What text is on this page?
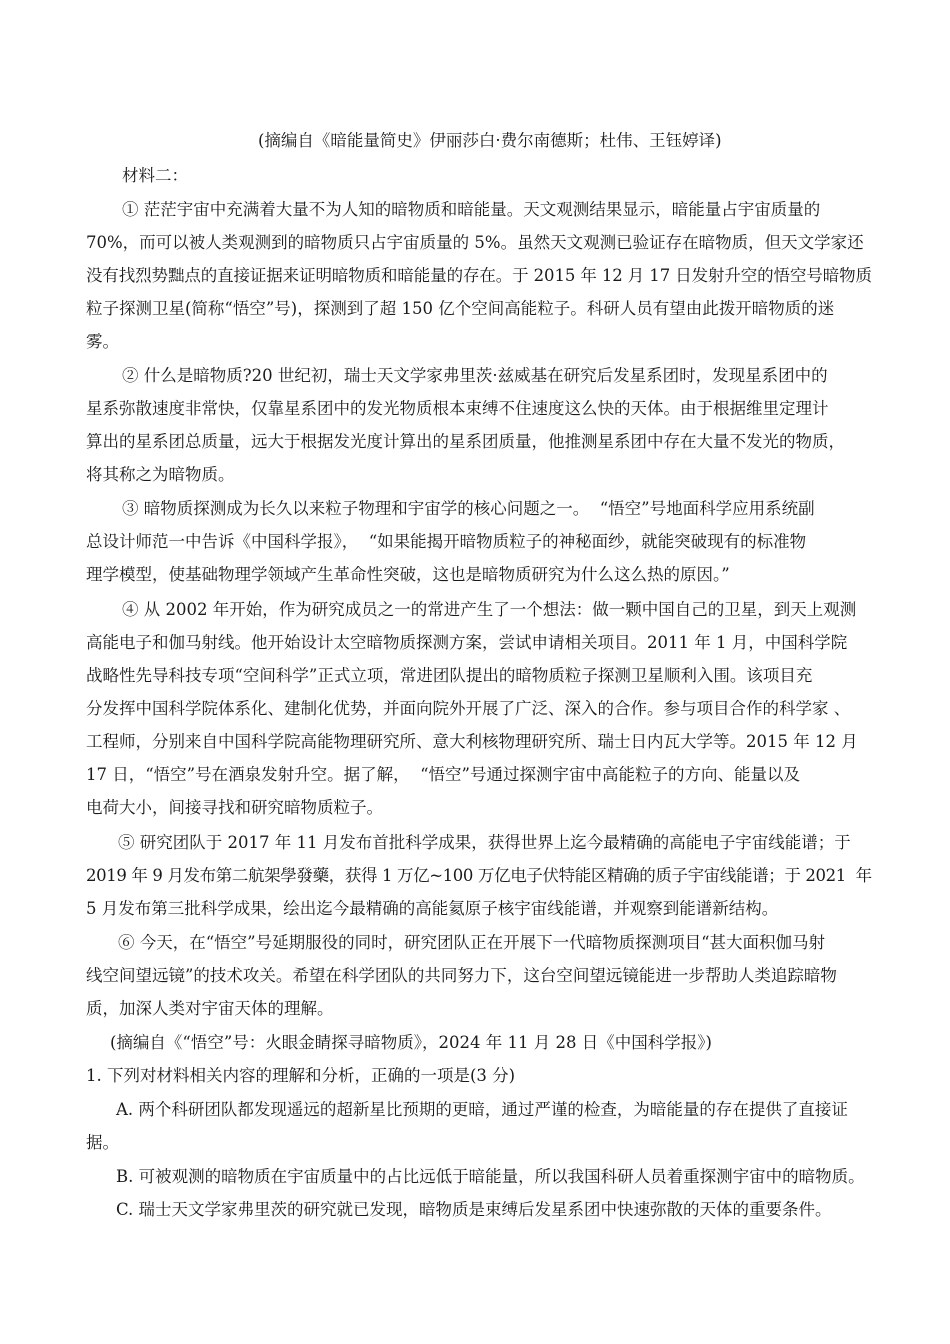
(摘编自《暗能量简史》伊丽莎白·费尔南德斯；杜伟、王钰婷译)
材料二：
① 茫茫宇宙中充满着大量不为人知的暗物质和暗能量。天文观测结果显示，暗能量占宇宙质量的
70%，而可以被人类观测到的暗物质只占宇宙质量的 5%。虽然天文观测已验证存在暗物质，但天文学家还
没有找烈势黜点的直接证据来证明暗物质和暗能量的存在。于 2015 年 12 月 17 日发射升空的悟空号暗物质
粒子探测卫星(简称“悟空”号)，探测到了超 150 亿个空间高能粒子。科研人员有望由此拨开暗物质的迷
雾。
② 什么是暗物质?20 世纪初，瑞士天文学家弗里茨·兹威基在研究后发星系团时，发现星系团中的
星系弥散速度非常快，仅靠星系团中的发光物质根本束缚不住速度这么快的天体。由于根据维里定理计
算出的星系团总质量，远大于根据发光度计算出的星系团质量，他推测星系团中存在大量不发光的物质，
将其称之为暗物质。
③ 暗物质探测成为长久以来粒子物理和宇宙学的核心问题之一。  “悟空”号地面科学应用系统副
总设计师范一中告诉《中国科学报》，  “如果能揭开暗物质粒子的神秘面纱，就能突破现有的标准物
理学模型，使基础物理学领域产生革命性突破，这也是暗物质研究为什么这么热的原因。”
④ 从 2002 年开始，作为研究成员之一的常进产生了一个想法：做一颗中国自己的卫星，到天上观测
高能电子和伽马射线。他开始设计太空暗物质探测方案，尝试申请相关项目。2011 年 1 月，中国科学院
战略性先导科技专项“空间科学”正式立项，常进团队提出的暗物质粒子探测卫星顺利入围。该项目充
分发挥中国科学院体系化、建制化优势，并面向院外开展了广泛、深入的合作。参与项目合作的科学家 、
工程师，分别来自中国科学院高能物理研究所、意大利核物理研究所、瑞士日内瓦大学等。2015 年 12 月
17 日，“悟空”号在酒泉发射升空。据了解，  “悟空”号通过探测宇宙中高能粒子的方向、能量以及
电荷大小，间接寻找和研究暗物质粒子。
⑤ 研究团队于 2017 年 11 月发布首批科学成果，获得世界上迄今最精确的高能电子宇宙线能谱；于
2019 年 9 月发布第二航架學發藥，获得 1 万亿~100 万亿电子伏特能区精确的质子宇宙线能谱；于 2021  年
5 月发布第三批科学成果，绘出迄今最精确的高能氦原子核宇宙线能谱，并观察到能谱新结构。
⑥ 今天，在“悟空”号延期服役的同时，研究团队正在开展下一代暗物质探测项目“甚大面积伽马射
线空间望远镜”的技术攻关。希望在科学团队的共同努力下，这台空间望远镜能进一步帮助人类追踪暗物
质，加深人类对宇宙天体的理解。
(摘编自《“悟空”号：火眼金睛探寻暗物质》，2024 年 11 月 28 日《中国科学报》)
1. 下列对材料相关内容的理解和分析，正确的一项是(3 分)
A. 两个科研团队都发现遥远的超新星比预期的更暗，通过严谨的检查，为暗能量的存在提供了直接证
据。
B. 可被观测的暗物质在宇宙质量中的占比远低于暗能量，所以我国科研人员着重探测宇宙中的暗物质。
C. 瑞士天文学家弗里茨的研究就已发现，暗物质是束缚后发星系团中快速弥散的天体的重要条件。
